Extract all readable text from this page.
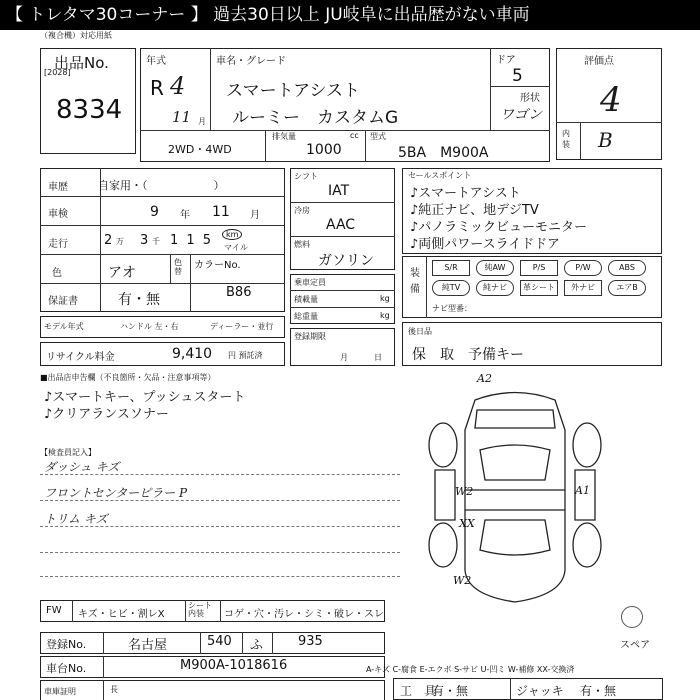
【 トレタマ30コーナー 】 過去30日以上 JU岐阜に出品歴がない車両
（複合機）対応用紙
出品No.
[2028]
8334
年式
R 4
11 月
車名・グレード
スマートアシスト
ルーミー　カスタムG
ドア
5
形状
ワゴン
2WD・4WD
排気量	cc
1000
型式
5BA　M900A
評価点
4
内装 B
車歴	自家用・（　　　　　　）
車検	9 年 11 月
走行	2 万 3 千 1 1 5	km
マイル
色	アオ
色替
カラーNo.
B86
保証書	有・無
モデル年式	ハンドル 左・右	ディーラー・並行
リサイクル料金	9,410 円 預託済
シフト
IAT
冷房
AAC
燃料
ガソリン
乗車定員
積載量	kg
総重量	kg
登録期限
月	日
セールスポイント
♪スマートアシスト
♪純正ナビ、地デジTV
♪パノラミックビューモニター
♪両側パワースライドドア
装備
S/R	純AW	P/S	P/W	ABS
純TV	純ナビ	革シート	外ナビ	エアB
ナビ型番：
後日品
保　取　予備キー
■出品店申告欄（不良箇所・欠品・注意事項等）
♪スマートキー、プッシュスタート
♪クリアランスソナー
【検査員記入】
ダッシュ キズ
フロントセンターピラー P
トリム キズ
A2
W2	A1
XX
W2
スペア
FW キズ・ヒビ・割レX
シート内装	コゲ・穴・汚レ・シミ・破レ・スレ
登録No.	名古屋	540 ふ	935
車台No.	M900A-1018616
車庫証明	長
A-キズ C-腐食 E-エクボ S-サビ U-凹ミ W-補修 XX-交換済
工　具
有・無	ジャッキ 有・無
